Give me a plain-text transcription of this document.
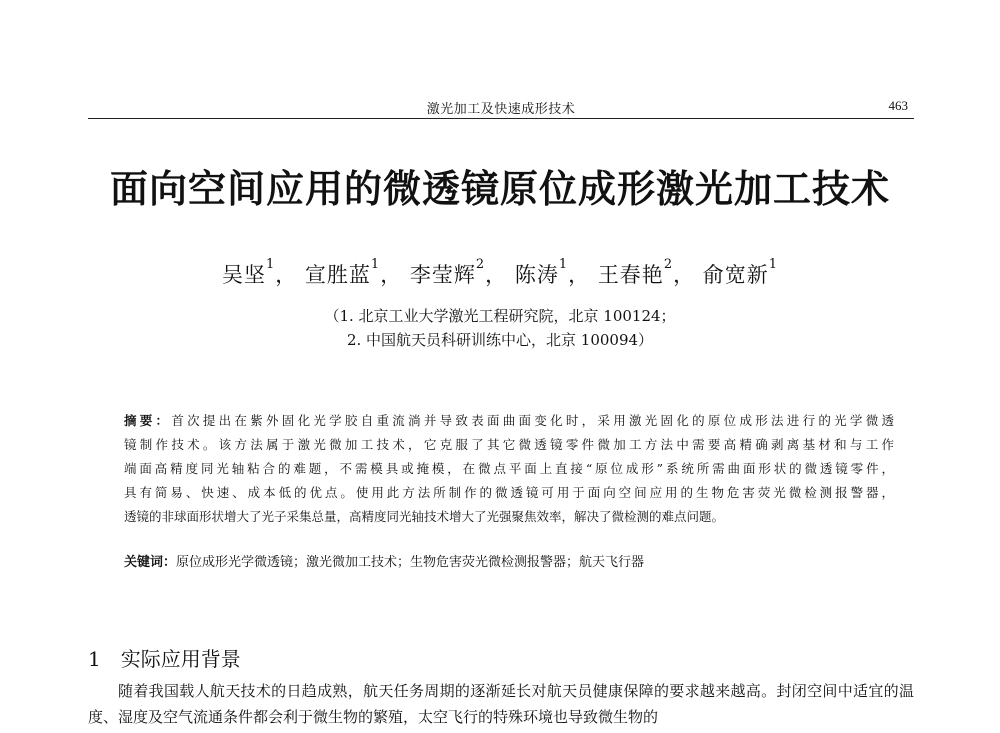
激光加工及快速成形技术	463
面向空间应用的微透镜原位成形激光加工技术
吴坚$^1$， 宣胜蓝$^1$， 李莹辉$^2$， 陈涛$^1$， 王春艳$^2$， 俞宽新$^1$
（1. 北京工业大学激光工程研究院，北京 100124；
2. 中国航天员科研训练中心，北京 100094）

摘要：首次提出在紫外固化光学胶自重流淌并导致表面曲面变化时，采用激光固化的原位成形法进行的光学微透

镜制作技术。该方法属于激光微加工技术，它克服了其它微透镜零件微加工方法中需要高精确剥离基材和与工作

端面高精度同光轴粘合的难题，不需模具或掩模，在微点平面上直接“原位成形”系统所需曲面形状的微透镜零件，

具有简易、快速、成本低的优点。使用此方法所制作的微透镜可用于面向空间应用的生物危害荧光微检测报警器，

透镜的非球面形状增大了光子采集总量，高精度同光轴技术增大了光强聚焦效率，解决了微检测的难点问题。

关键词：原位成形光学微透镜；激光微加工技术；生物危害荧光微检测报警器；航天飞行器
1 实际应用背景

随着我国载人航天技术的日趋成熟，航天任务周期的逐渐延长对航天员健康保障的要求越来越高。封闭空间中适宜的温度、湿度及空气流通条件都会利于微生物的繁殖，太空飞行的特殊环境也导致微生物的
